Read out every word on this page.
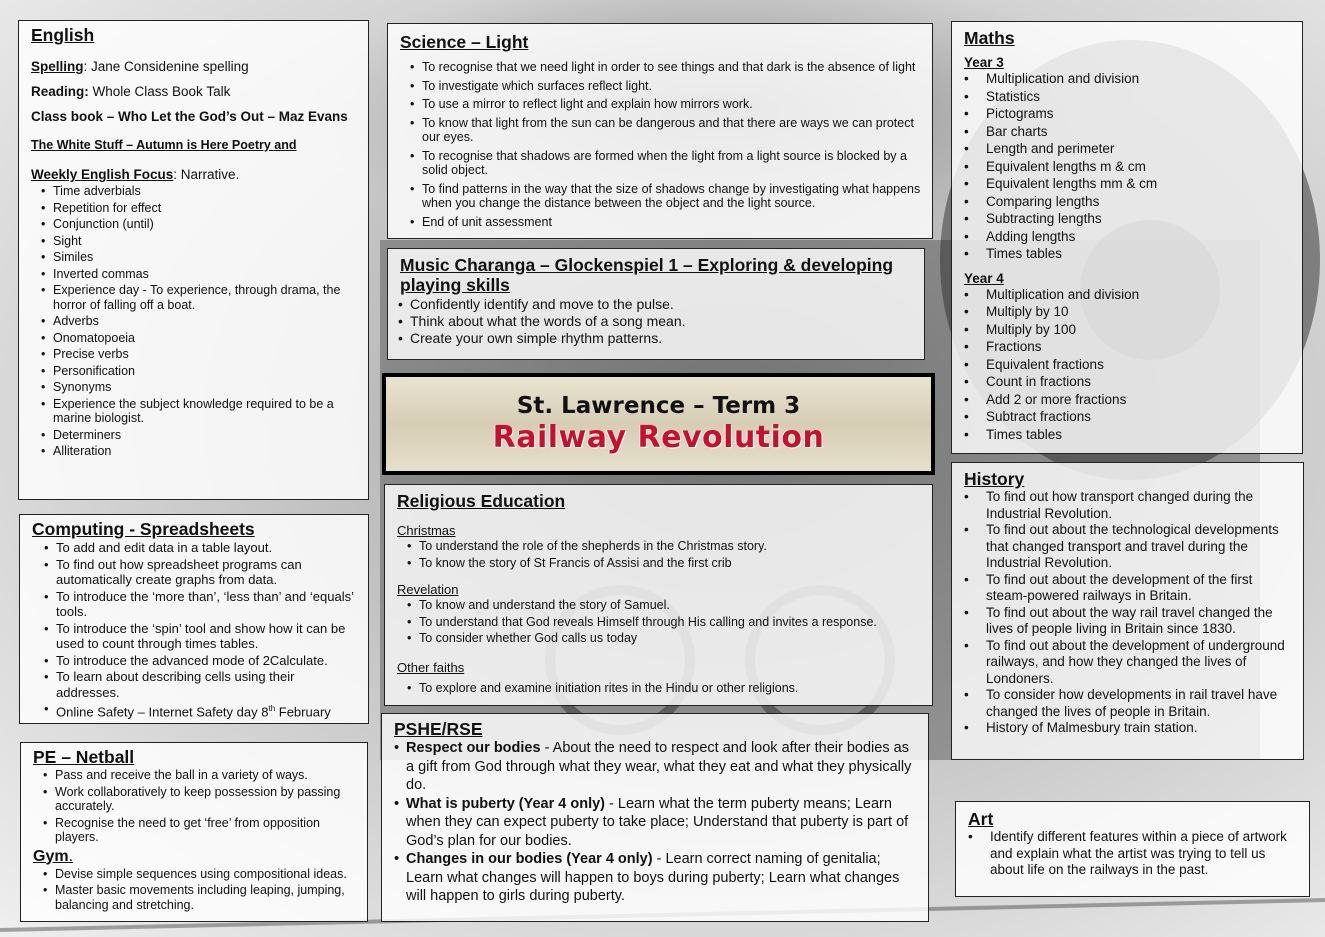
English

Spelling: Jane Considenine spelling

Reading: Whole Class Book Talk

Class book – Who Let the God’s Out – Maz Evans

The White Stuff – Autumn is Here Poetry and

Weekly English Focus: Narrative.
• Time adverbials
• Repetition for effect
• Conjunction (until)
• Sight
• Similes
• Inverted commas
• Experience day - To experience, through drama, the horror of falling off a boat.
• Adverbs
• Onomatopoeia
• Precise verbs
• Personification
• Synonyms
• Experience the subject knowledge required to be a marine biologist.
• Determiners
• Alliteration
Computing - Spreadsheets
• To add and edit data in a table layout.
• To find out how spreadsheet programs can automatically create graphs from data.
• To introduce the ‘more than’, ‘less than’ and ‘equals’ tools.
• To introduce the ‘spin’ tool and show how it can be used to count through times tables.
• To introduce the advanced mode of 2Calculate.
• To learn about describing cells using their addresses.
• Online Safety – Internet Safety day 8th February
PE – Netball
• Pass and receive the ball in a variety of ways.
• Work collaboratively to keep possession by passing accurately.
• Recognise the need to get ‘free’ from opposition players.
Gym.
• Devise simple sequences using compositional ideas.
• Master basic movements including leaping, jumping, balancing and stretching.
Science – Light
• To recognise that we need light in order to see things and that dark is the absence of light
• To investigate which surfaces reflect light.
• To use a mirror to reflect light and explain how mirrors work.
• To know that light from the sun can be dangerous and that there are ways we can protect our eyes.
• To recognise that shadows are formed when the light from a light source is blocked by a solid object.
• To find patterns in the way that the size of shadows change by investigating what happens when you change the distance between the object and the light source.
• End of unit assessment
Music Charanga – Glockenspiel 1 – Exploring & developing playing skills
• Confidently identify and move to the pulse.
• Think about what the words of a song mean.
• Create your own simple rhythm patterns.
St. Lawrence – Term 3
Railway Revolution
Religious Education
Christmas
• To understand the role of the shepherds in the Christmas story.
• To know the story of St Francis of Assisi and the first crib
Revelation
• To know and understand the story of Samuel.
• To understand that God reveals Himself through His calling and invites a response.
• To consider whether God calls us today
Other faiths
• To explore and examine initiation rites in the Hindu or other religions.
PSHE/RSE
• Respect our bodies - About the need to respect and look after their bodies as a gift from God through what they wear, what they eat and what they physically do.
• What is puberty (Year 4 only) - Learn what the term puberty means; Learn when they can expect puberty to take place; Understand that puberty is part of God’s plan for our bodies.
• Changes in our bodies (Year 4 only) - Learn correct naming of genitalia; Learn what changes will happen to boys during puberty; Learn what changes will happen to girls during puberty.
Maths
Year 3
• Multiplication and division
• Statistics
• Pictograms
• Bar charts
• Length and perimeter
• Equivalent lengths m & cm
• Equivalent lengths mm & cm
• Comparing lengths
• Subtracting lengths
• Adding lengths
• Times tables
Year 4
• Multiplication and division
• Multiply by 10
• Multiply by 100
• Fractions
• Equivalent fractions
• Count in fractions
• Add 2 or more fractions
• Subtract fractions
• Times tables
History
• To find out how transport changed during the Industrial Revolution.
• To find out about the technological developments that changed transport and travel during the Industrial Revolution.
• To find out about the development of the first steam-powered railways in Britain.
• To find out about the way rail travel changed the lives of people living in Britain since 1830.
• To find out about the development of underground railways, and how they changed the lives of Londoners.
• To consider how developments in rail travel have changed the lives of people in Britain.
• History of Malmesbury train station.
Art
• Identify different features within a piece of artwork and explain what the artist was trying to tell us about life on the railways in the past.
